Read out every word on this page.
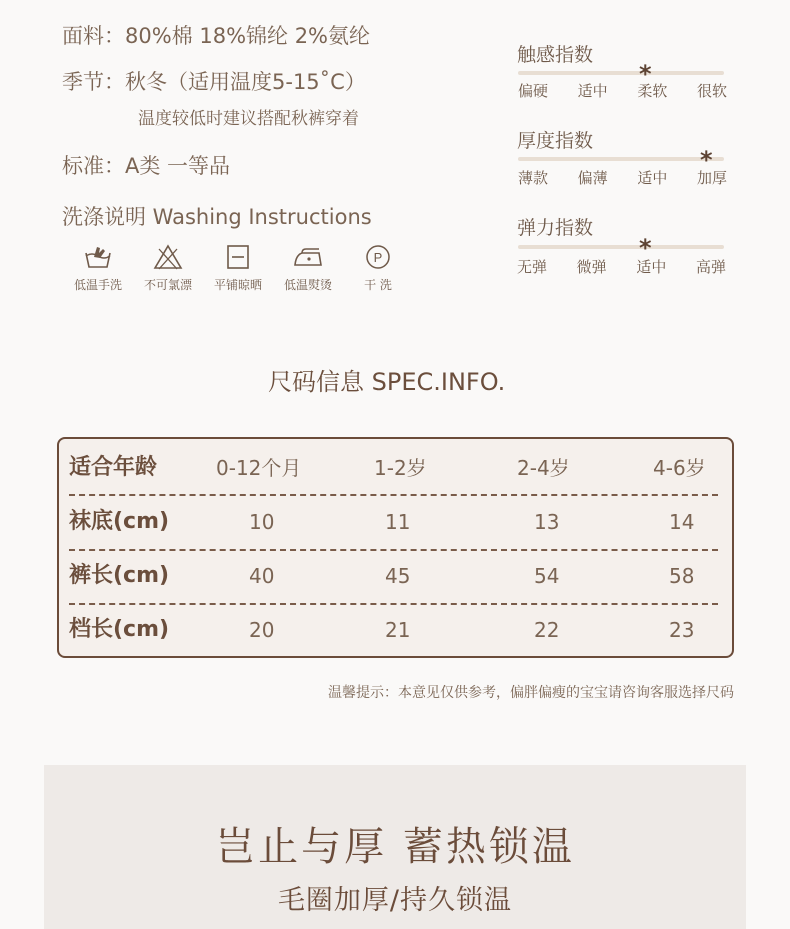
面料：80%棉 18%锦纶 2%氨纶
季节：秋冬（适用温度5-15˚C）
温度较低时建议搭配秋裤穿着
标准：A类 一等品
洗涤说明 Washing Instructions
低温手洗	不可氯漂	平铺晾晒	低温熨烫
P
干 洗
触感指数
*
偏硬 适中 柔软 很软
厚度指数
*
薄款 偏薄 适中 加厚
弹力指数
*
无弹 微弹 适中 高弹
尺码信息 SPEC.INFO.
适合年龄	0-12个月	1-2岁	2-4岁	4-6岁
袜底(cm)	10	11	13	14
裤长(cm)	40	45	54	58
档长(cm)	20	21	22	23
温馨提示：本意见仅供参考，偏胖偏瘦的宝宝请咨询客服选择尺码
岂止与厚 蓄热锁温
毛圈加厚/持久锁温
